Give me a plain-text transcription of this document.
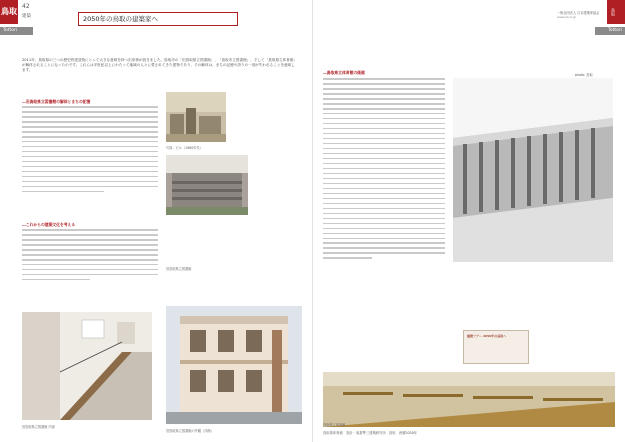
鳥取
42
建築
Tottori
2050年の鳥取の建築家へ
2011年、鳥取県の三つの歴史的建造物にとって大きな意味を持つ出来事が続きました。鳥取市の「旧鳥取県立図書館」、「鳥取市立図書館」、そして「鳥取県立体育館」が解体されることになったのです。これらは半世紀以上にわたって地域の人々に愛されてきた建物であり、その解体は、まちの記憶や誇りの一部が失われることを意味します。
―旧鳥取県立図書館の解体とまちの記憶
―これからの建築文化を考える
写真：ビル（1960年代）
旧鳥取県立図書館
旧鳥取県立図書館 内部
旧鳥取県立図書館の外観（洋館）
一般社団法人 日本建築家協会
www.jia.or.jp
鳥取
Tottori
―鳥取県立体育館の価値	photo: 鳥取
建築ツアー 2050年の鳥取へ
鳥取県立体育館
鳥取県体育館　設計：坂倉準三建築研究所　鳥取　西暦2050年
